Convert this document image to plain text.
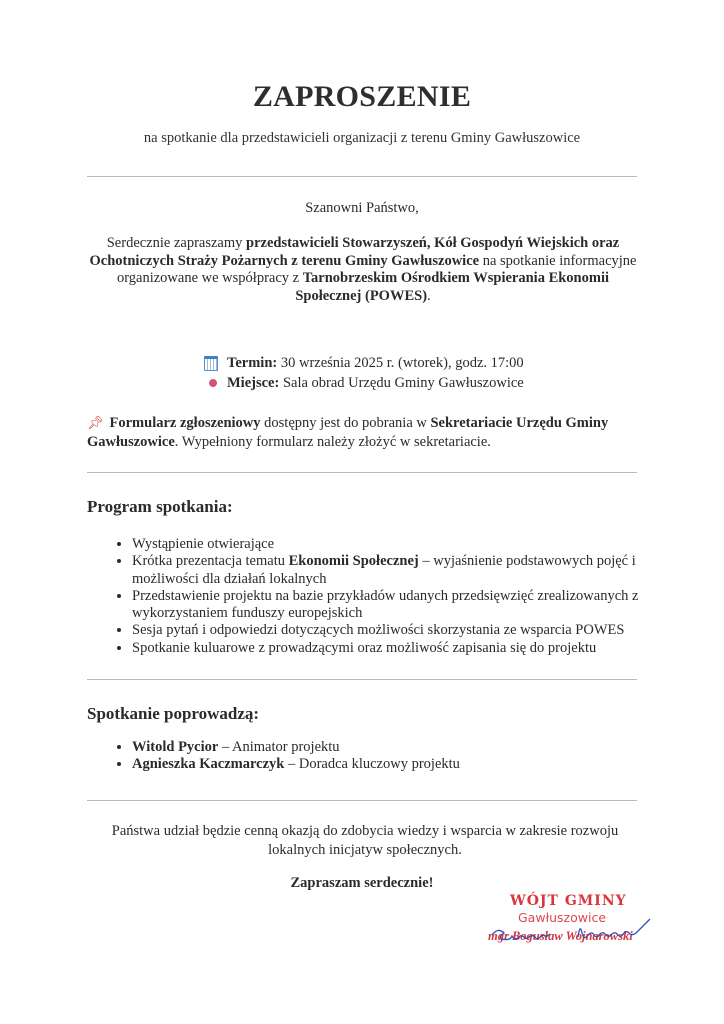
ZAPROSZENIE
na spotkanie dla przedstawicieli organizacji z terenu Gminy Gawłuszowice
Szanowni Państwo,
Serdecznie zapraszamy przedstawicieli Stowarzyszeń, Kół Gospodyń Wiejskich oraz Ochotniczych Straży Pożarnych z terenu Gminy Gawłuszowice na spotkanie informacyjne organizowane we współpracy z Tarnobrzeskim Ośrodkiem Wspierania Ekonomii Społecznej (POWES).
Termin: 30 września 2025 r. (wtorek), godz. 17:00
Miejsce: Sala obrad Urzędu Gminy Gawłuszowice
📌︎ Formularz zgłoszeniowy dostępny jest do pobrania w Sekretariacie Urzędu Gminy Gawłuszowice. Wypełniony formularz należy złożyć w sekretariacie.
Program spotkania:
• Wystąpienie otwierające
• Krótka prezentacja tematu Ekonomii Społecznej – wyjaśnienie podstawowych pojęć i możliwości dla działań lokalnych
• Przedstawienie projektu na bazie przykładów udanych przedsięwzięć zrealizowanych z wykorzystaniem funduszy europejskich
• Sesja pytań i odpowiedzi dotyczących możliwości skorzystania ze wsparcia POWES
• Spotkanie kuluarowe z prowadzącymi oraz możliwość zapisania się do projektu
Spotkanie poprowadzą:
• Witold Pycior – Animator projektu
• Agnieszka Kaczmarczyk – Doradca kluczowy projektu
Państwa udział będzie cenną okazją do zdobycia wiedzy i wsparcia w zakresie rozwoju lokalnych inicjatyw społecznych.
Zapraszam serdecznie!
WÓJT GMINY
Gawłuszowice
mgr Bogusław Wojnarowski
